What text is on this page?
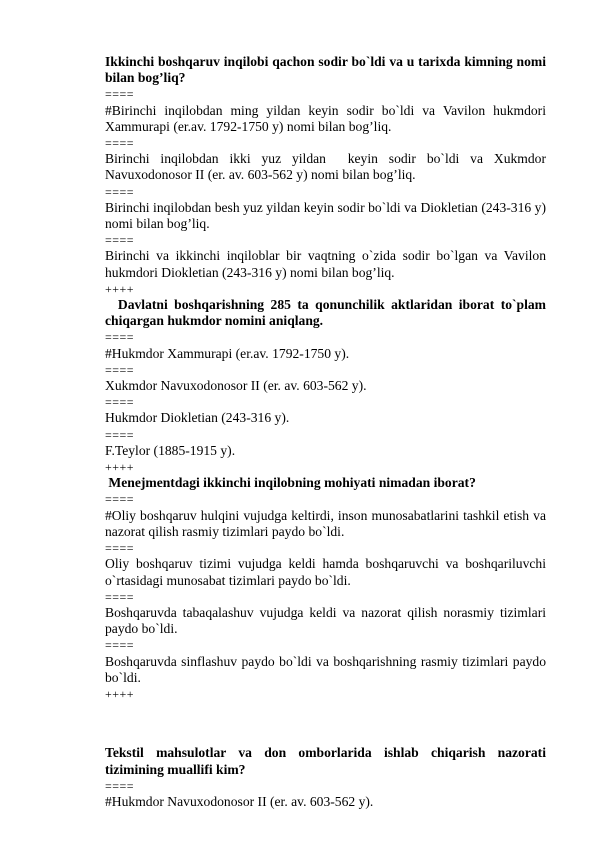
Ikkinchi boshqaruv inqilobi qachon sodir bo`ldi va u tarixda kimning nomi bilan bog’liq?

====

#Birinchi inqilobdan ming yildan keyin sodir bo`ldi va Vavilon hukmdori Xammurapi (er.av. 1792-1750 y) nomi bilan bog’liq.

====

Birinchi inqilobdan ikki yuz yildan  keyin sodir bo`ldi va Xukmdor Navuxodonosor II (er. av. 603-562 y) nomi bilan bog’liq.

====

Birinchi inqilobdan besh yuz yildan keyin sodir bo`ldi va Diokletian (243-316 y) nomi bilan bog’liq.

====

Birinchi va ikkinchi inqiloblar bir vaqtning o`zida sodir bo`lgan va Vavilon hukmdori Diokletian (243-316 y) nomi bilan bog’liq.

++++

Davlatni boshqarishning 285 ta qonunchilik aktlaridan iborat to`plam chiqargan hukmdor nomini aniqlang.

====

#Hukmdor Xammurapi (er.av. 1792-1750 y).

====

Xukmdor Navuxodonosor II (er. av. 603-562 y).

====

Hukmdor Diokletian (243-316 y).

====

F.Teylor (1885-1915 y).

++++

Menejmentdagi ikkinchi inqilobning mohiyati nimadan iborat?

====

#Oliy boshqaruv hulqini vujudga keltirdi, inson munosabatlarini tashkil etish va nazorat qilish rasmiy tizimlari paydo bo`ldi.

====

Oliy boshqaruv tizimi vujudga keldi hamda boshqaruvchi va boshqariluvchi o`rtasidagi munosabat tizimlari paydo bo`ldi.

====

Boshqaruvda tabaqalashuv vujudga keldi va nazorat qilish norasmiy tizimlari paydo bo`ldi.

====

Boshqaruvda sinflashuv paydo bo`ldi va boshqarishning rasmiy tizimlari paydo bo`ldi.

++++

Tekstil mahsulotlar va don omborlarida ishlab chiqarish nazorati tizimining muallifi kim?

====

#Hukmdor Navuxodonosor II (er. av. 603-562 y).
